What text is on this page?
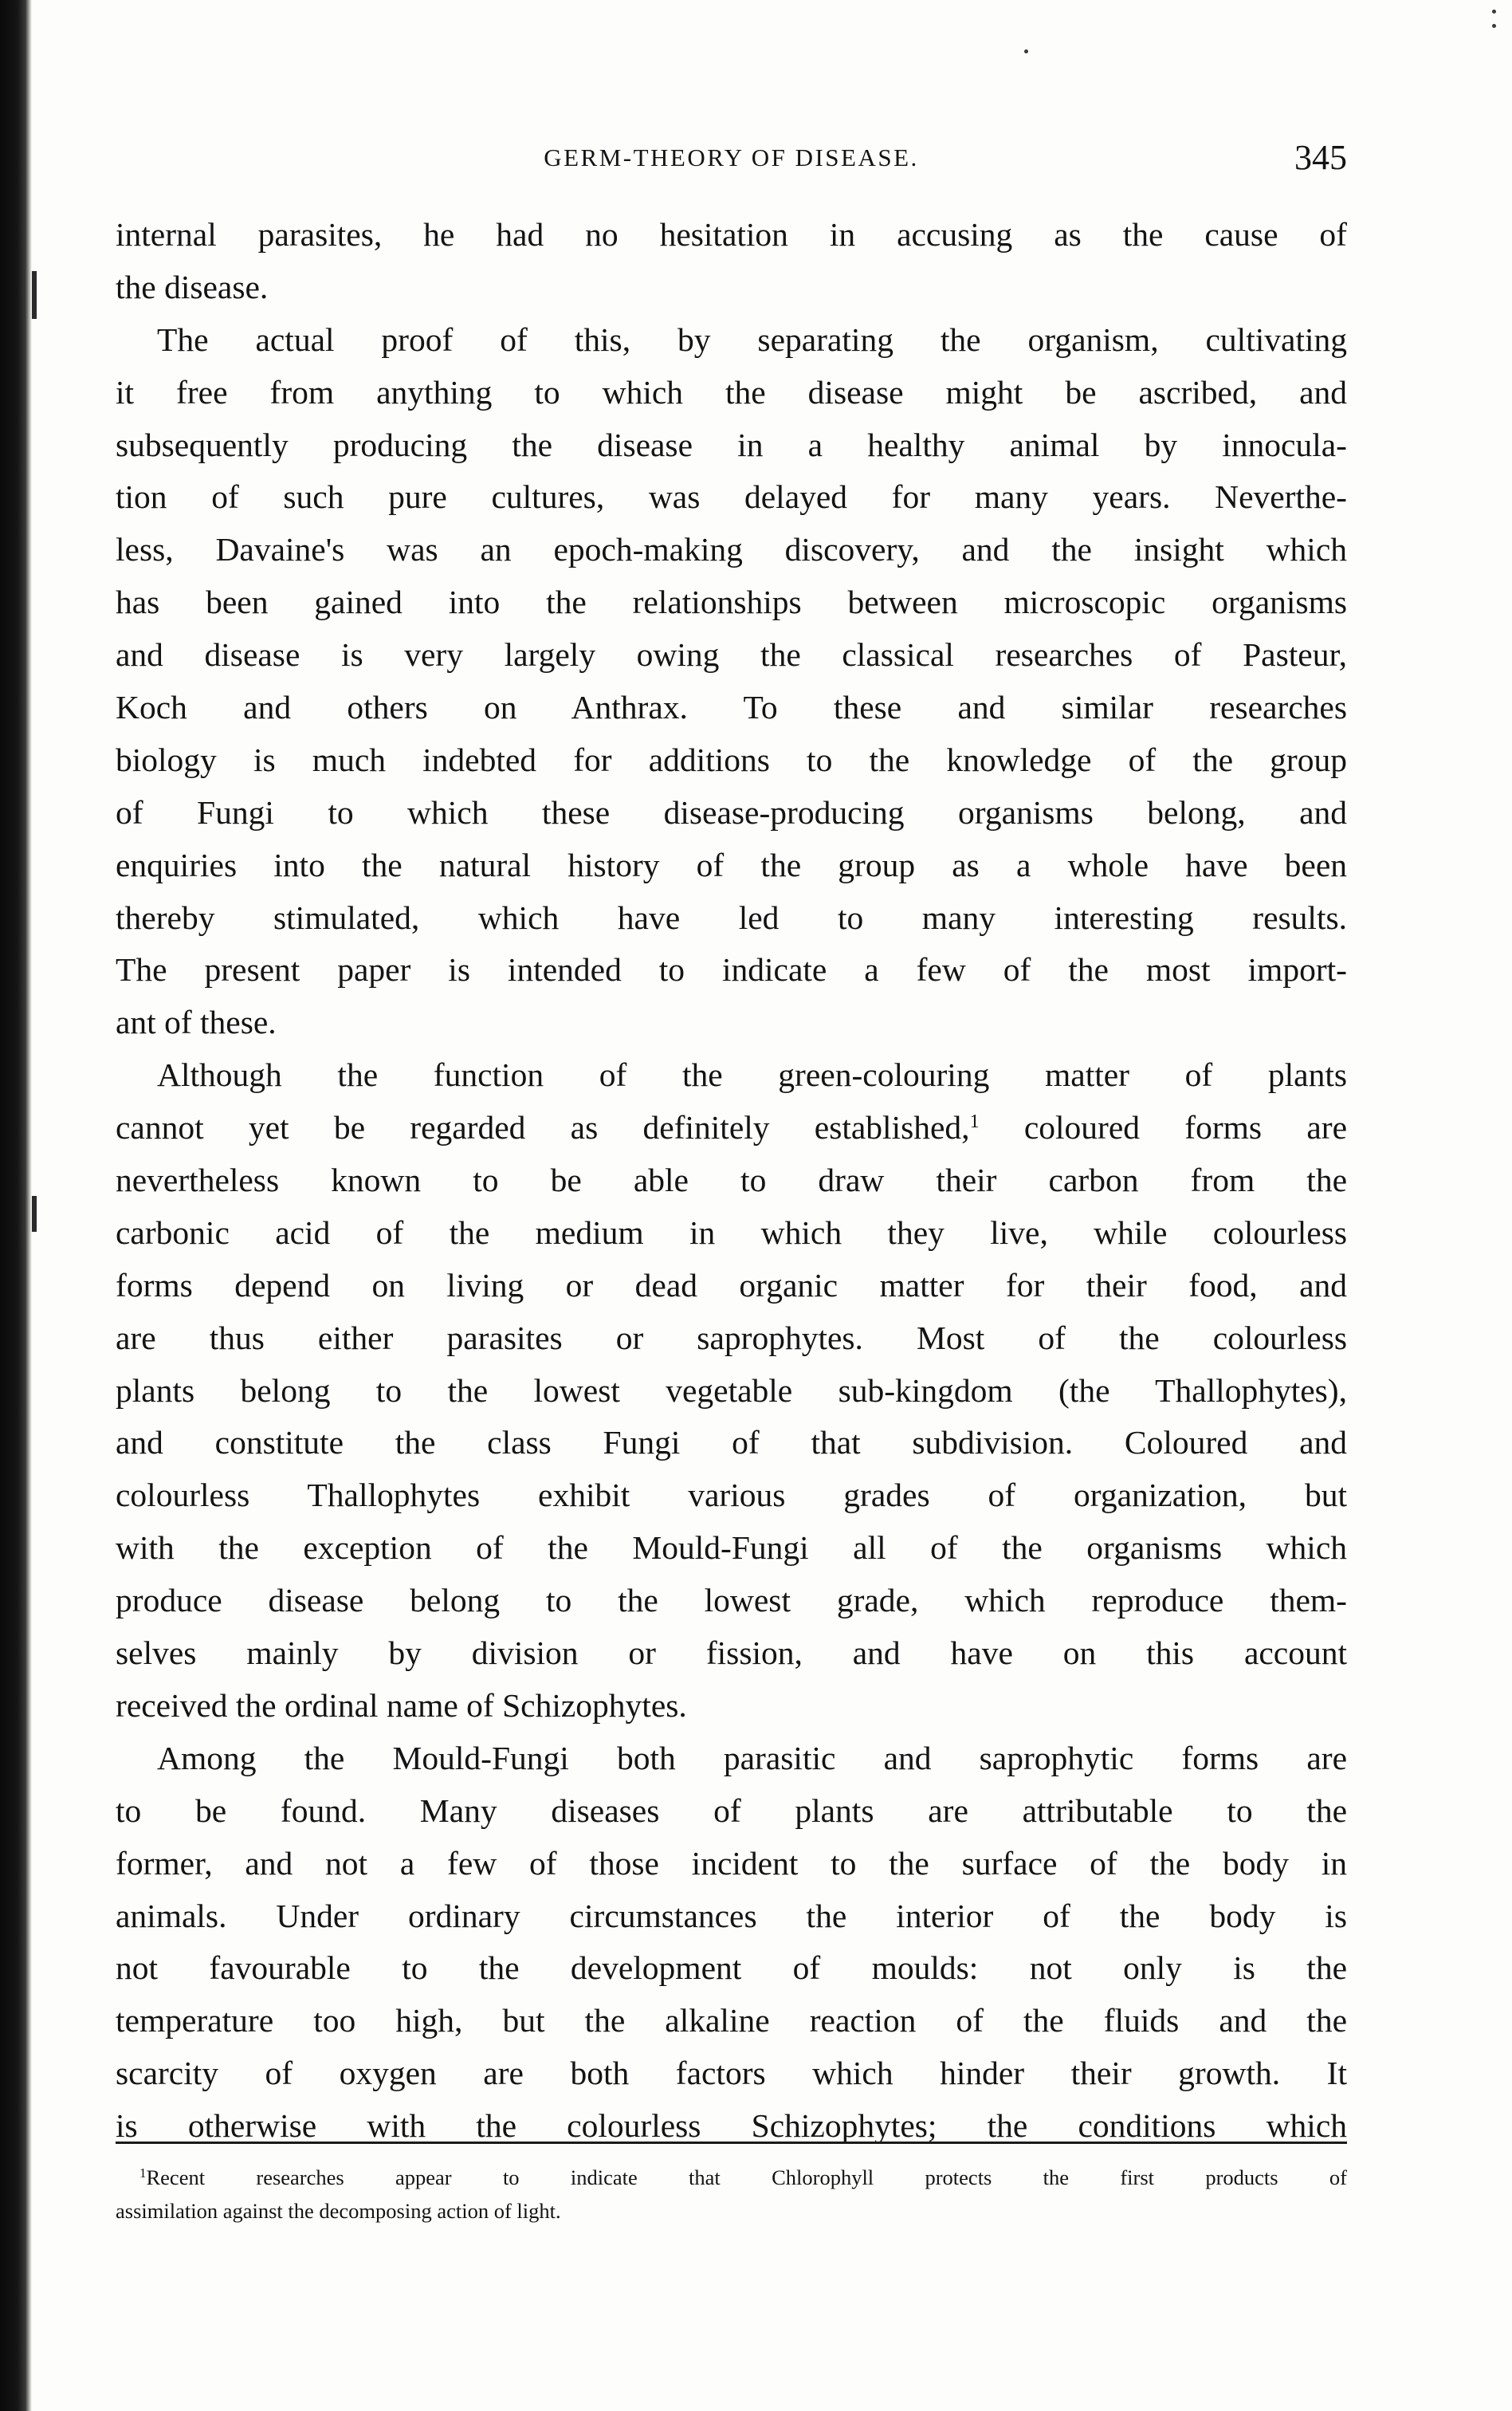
GERM-THEORY OF DISEASE.	345
internal parasites, he had no hesitation in accusing as the cause of
the disease.
The actual proof of this, by separating the organism, cultivating
it free from anything to which the disease might be ascribed, and
subsequently producing the disease in a healthy animal by innocula-
tion of such pure cultures, was delayed for many years. Neverthe-
less, Davaine's was an epoch-making discovery, and the insight which
has been gained into the relationships between microscopic organisms
and disease is very largely owing the classical researches of Pasteur,
Koch and others on Anthrax. To these and similar researches
biology is much indebted for additions to the knowledge of the group
of Fungi to which these disease-producing organisms belong, and
enquiries into the natural history of the group as a whole have been
thereby stimulated, which have led to many interesting results.
The present paper is intended to indicate a few of the most import-
ant of these.
Although the function of the green-colouring matter of plants
cannot yet be regarded as definitely established,$^1$ coloured forms are
nevertheless known to be able to draw their carbon from the
carbonic acid of the medium in which they live, while colourless
forms depend on living or dead organic matter for their food, and
are thus either parasites or saprophytes. Most of the colourless
plants belong to the lowest vegetable sub-kingdom (the Thallophytes),
and constitute the class Fungi of that subdivision. Coloured and
colourless Thallophytes exhibit various grades of organization, but
with the exception of the Mould-Fungi all of the organisms which
produce disease belong to the lowest grade, which reproduce them-
selves mainly by division or fission, and have on this account
received the ordinal name of Schizophytes.
Among the Mould-Fungi both parasitic and saprophytic forms are
to be found. Many diseases of plants are attributable to the
former, and not a few of those incident to the surface of the body in
animals. Under ordinary circumstances the interior of the body is
not favourable to the development of moulds: not only is the
temperature too high, but the alkaline reaction of the fluids and the
scarcity of oxygen are both factors which hinder their growth. It
is otherwise with the colourless Schizophytes; the conditions which
$^1$Recent researches appear to indicate that Chlorophyll protects the first products of
assimilation against the decomposing action of light.
